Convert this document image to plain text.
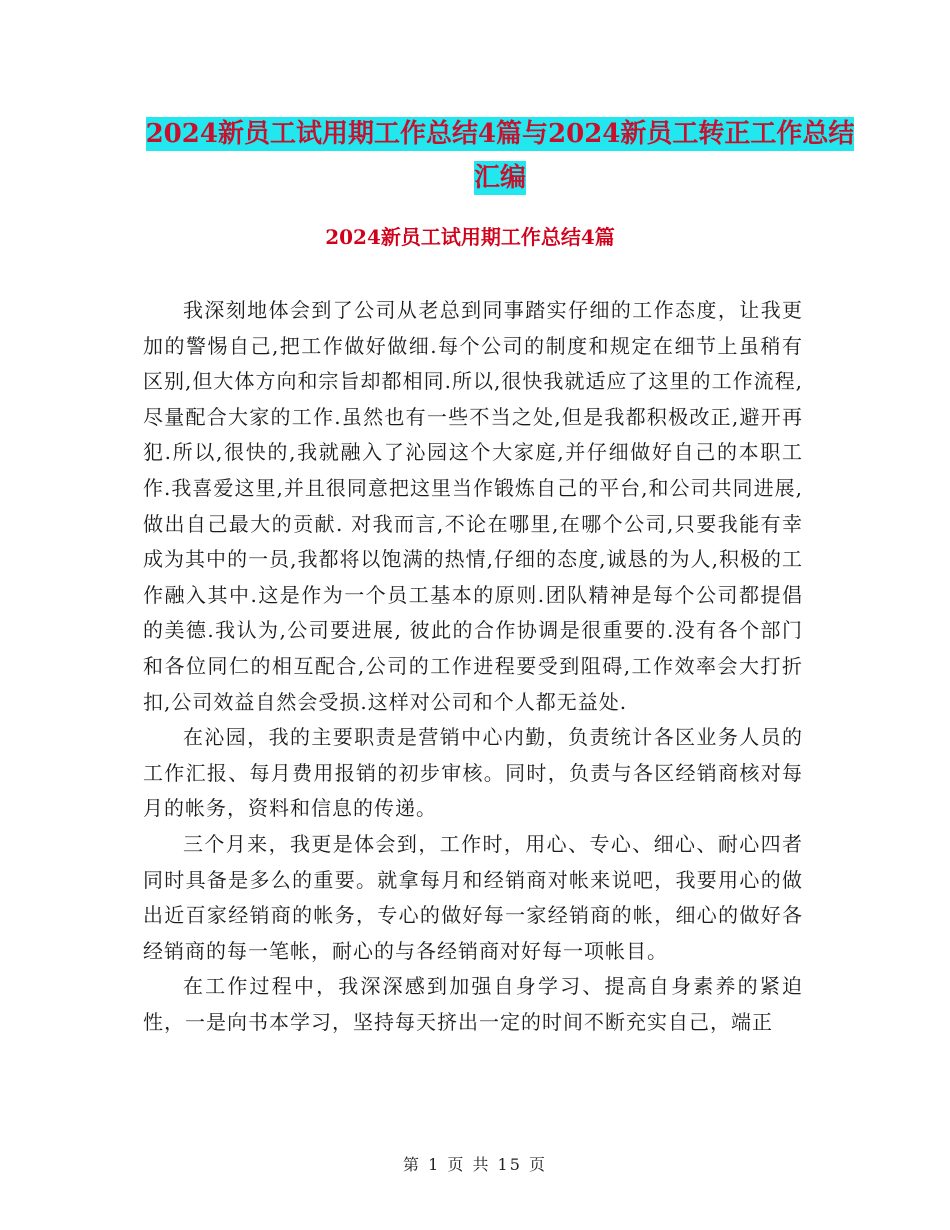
2024新员工试用期工作总结4篇与2024新员工转正工作总结汇编
2024新员工试用期工作总结4篇

我深刻地体会到了公司从老总到同事踏实仔细的工作态度，让我更加的警惕自己,把工作做好做细.每个公司的制度和规定在细节上虽稍有区别,但大体方向和宗旨却都相同.所以,很快我就适应了这里的工作流程,尽量配合大家的工作.虽然也有一些不当之处,但是我都积极改正,避开再犯.所以,很快的,我就融入了沁园这个大家庭,并仔细做好自己的本职工作.我喜爱这里,并且很同意把这里当作锻炼自己的平台,和公司共同进展,做出自己最大的贡献. 对我而言,不论在哪里,在哪个公司,只要我能有幸成为其中的一员,我都将以饱满的热情,仔细的态度,诚恳的为人,积极的工作融入其中.这是作为一个员工基本的原则.团队精神是每个公司都提倡的美德.我认为,公司要进展, 彼此的合作协调是很重要的.没有各个部门和各位同仁的相互配合,公司的工作进程要受到阻碍,工作效率会大打折扣,公司效益自然会受损.这样对公司和个人都无益处.

在沁园，我的主要职责是营销中心内勤，负责统计各区业务人员的工作汇报、每月费用报销的初步审核。同时，负责与各区经销商核对每月的帐务，资料和信息的传递。

三个月来，我更是体会到，工作时，用心、专心、细心、耐心四者同时具备是多么的重要。就拿每月和经销商对帐来说吧，我要用心的做出近百家经销商的帐务，专心的做好每一家经销商的帐，细心的做好各经销商的每一笔帐，耐心的与各经销商对好每一项帐目。

在工作过程中，我深深感到加强自身学习、提高自身素养的紧迫性，一是向书本学习，坚持每天挤出一定的时间不断充实自己，端正

第 1 页 共 15 页
